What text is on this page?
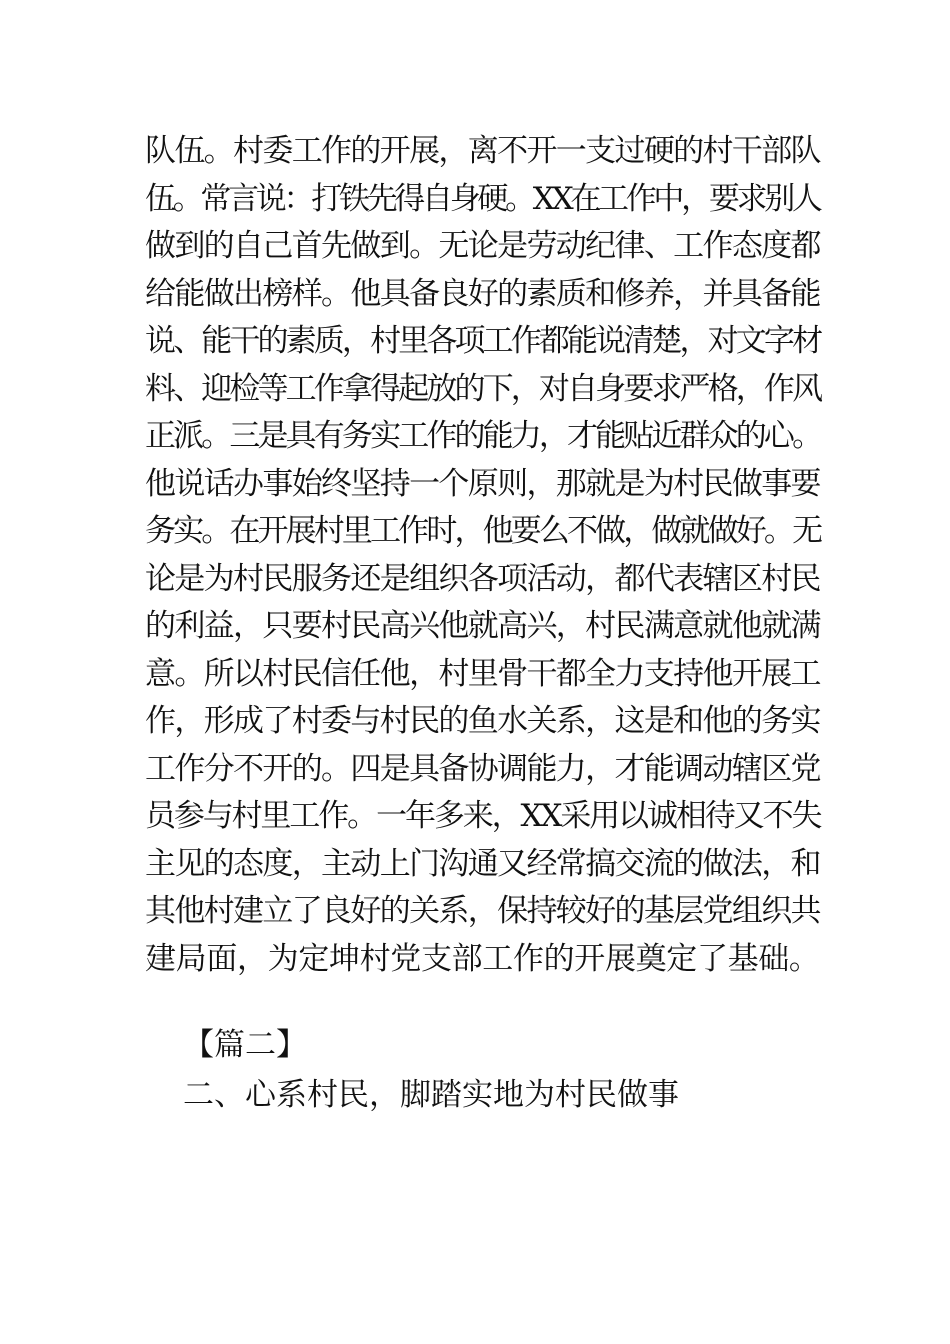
队伍。村委工作的开展，离不开一支过硬的村干部队
伍。常言说：打铁先得自身硬。XX在工作中，要求别人
做到的自己首先做到。无论是劳动纪律、工作态度都
给能做出榜样。他具备良好的素质和修养，并具备能
说、能干的素质，村里各项工作都能说清楚，对文字材
料、迎检等工作拿得起放的下，对自身要求严格，作风
正派。三是具有务实工作的能力，才能贴近群众的心。
他说话办事始终坚持一个原则，那就是为村民做事要
务实。在开展村里工作时，他要么不做，做就做好。无
论是为村民服务还是组织各项活动，都代表辖区村民
的利益，只要村民高兴他就高兴，村民满意就他就满
意。所以村民信任他，村里骨干都全力支持他开展工
作，形成了村委与村民的鱼水关系，这是和他的务实
工作分不开的。四是具备协调能力，才能调动辖区党
员参与村里工作。一年多来，XX采用以诚相待又不失
主见的态度，主动上门沟通又经常搞交流的做法，和
其他村建立了良好的关系，保持较好的基层党组织共
建局面，为定坤村党支部工作的开展奠定了基础。
【篇二】
二、心系村民，脚踏实地为村民做事
